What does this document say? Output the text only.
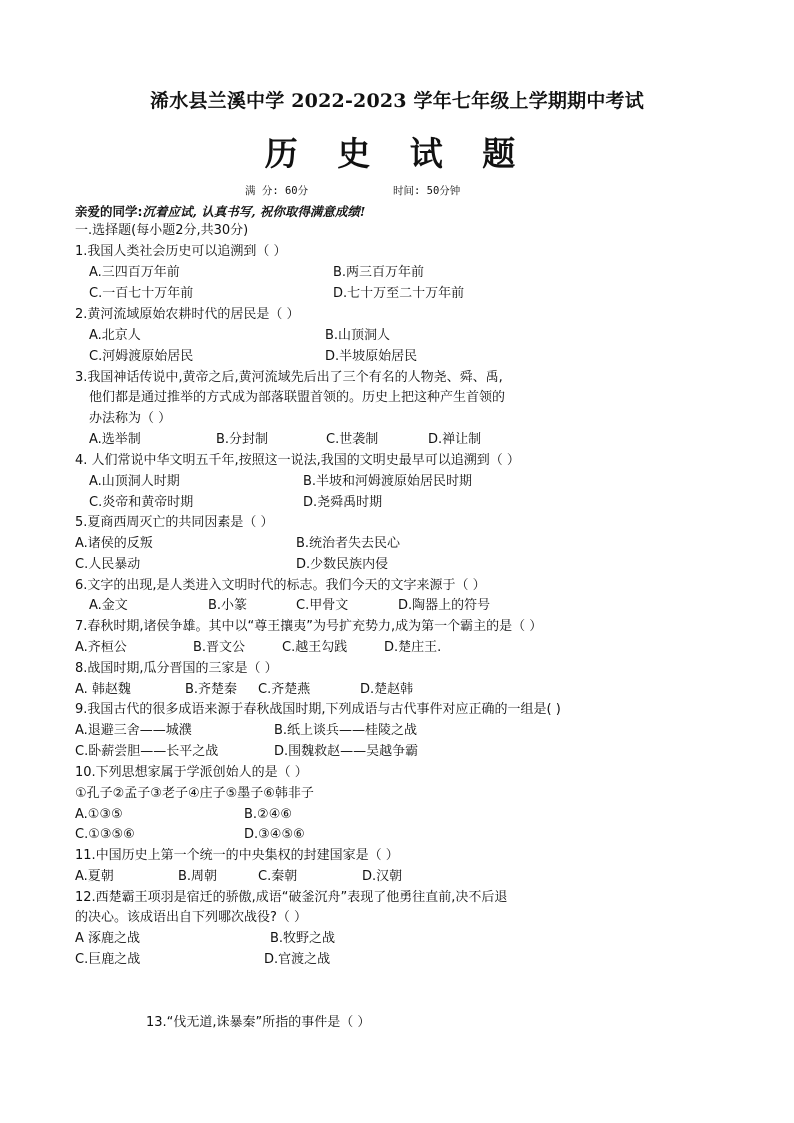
浠水县兰溪中学 2022-2023 学年七年级上学期期中考试
历 史 试 题
满 分: 60分	时间: 50分钟
亲爱的同学:沉着应试, 认真书写, 祝你取得满意成绩!
一.选择题(每小题2分,共30分)
1.我国人类社会历史可以追溯到（ ）
A.三四百万年前	B.两三百万年前
C.一百七十万年前	D.七十万至二十万年前
2.黄河流域原始农耕时代的居民是（ ）
A.北京人	B.山顶洞人
C.河姆渡原始居民	D.半坡原始居民
3.我国神话传说中,黄帝之后,黄河流域先后出了三个有名的人物尧、舜、禹,
他们都是通过推举的方式成为部落联盟首领的。历史上把这种产生首领的
办法称为（ ）
A.选举制	B.分封制	C.世袭制	D.禅让制
4. 人们常说中华文明五千年,按照这一说法,我国的文明史最早可以追溯到（ ）
A.山顶洞人时期	B.半坡和河姆渡原始居民时期
C.炎帝和黄帝时期	D.尧舜禹时期
5.夏商西周灭亡的共同因素是（ ）
A.诸侯的反叛	B.统治者失去民心
C.人民暴动	D.少数民族内侵
6.文字的出现,是人类进入文明时代的标志。我们今天的文字来源于（ ）
A.金文	B.小篆	C.甲骨文	D.陶器上的符号
7.春秋时期,诸侯争雄。其中以“尊王攘夷”为号扩充势力,成为第一个霸主的是（ ）
A.齐桓公	B.晋文公	C.越王勾践	D.楚庄王.
8.战国时期,瓜分晋国的三家是（ ）
A. 韩赵魏	B.齐楚秦 C.齐楚燕	D.楚赵韩
9.我国古代的很多成语来源于春秋战国时期,下列成语与古代事件对应正确的一组是( )
A.退避三舍——城濮	B.纸上谈兵——桂陵之战
C.卧薪尝胆——长平之战	D.围魏救赵——吴越争霸
10.下列思想家属于学派创始人的是（ ）
①孔子②孟子③老子④庄子⑤墨子⑥韩非子
A.①③⑤	B.②④⑥
C.①③⑤⑥	D.③④⑤⑥
11.中国历史上第一个统一的中央集权的封建国家是（ ）
A.夏朝	B.周朝	C.秦朝	D.汉朝
12.西楚霸王项羽是宿迁的骄傲,成语“破釜沉舟”表现了他勇往直前,决不后退
的决心。该成语出自下列哪次战役?（ ）
A 涿鹿之战	B.牧野之战
C.巨鹿之战	D.官渡之战
13.“伐无道,诛暴秦”所指的事件是（ ）
